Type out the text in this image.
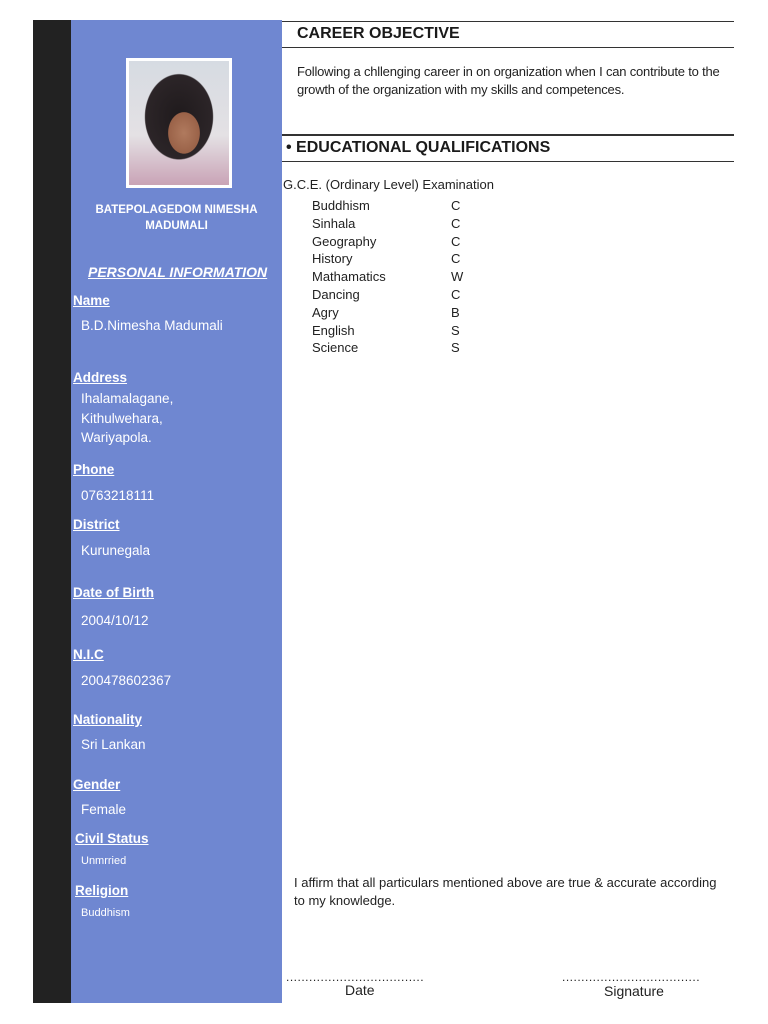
BATEPOLAGEDOM NIMESHA MADUMALI
PERSONAL INFORMATION
Name
B.D.Nimesha Madumali
Address
Ihalamalagane,
Kithulwehara,
Wariyapola.
Phone
0763218111
District
Kurunegala
Date of Birth
2004/10/12
N.I.C
200478602367
Nationality
Sri Lankan
Gender
Female
Civil Status
Unmrried
Religion
Buddhism
CAREER OBJECTIVE
Following a chllenging career in on organization when I can contribute to the growth of the organization with my skills and competences.
• EDUCATIONAL QUALIFICATIONS
G.C.E. (Ordinary Level) Examination
Buddhism	C
Sinhala	C
Geography	C
History	C
Mathamatics	W
Dancing	C
Agry	B
English	S
Science	S
I affirm that all particulars mentioned above are true & accurate according to my knowledge.
....................................
Date
....................................
Signature
